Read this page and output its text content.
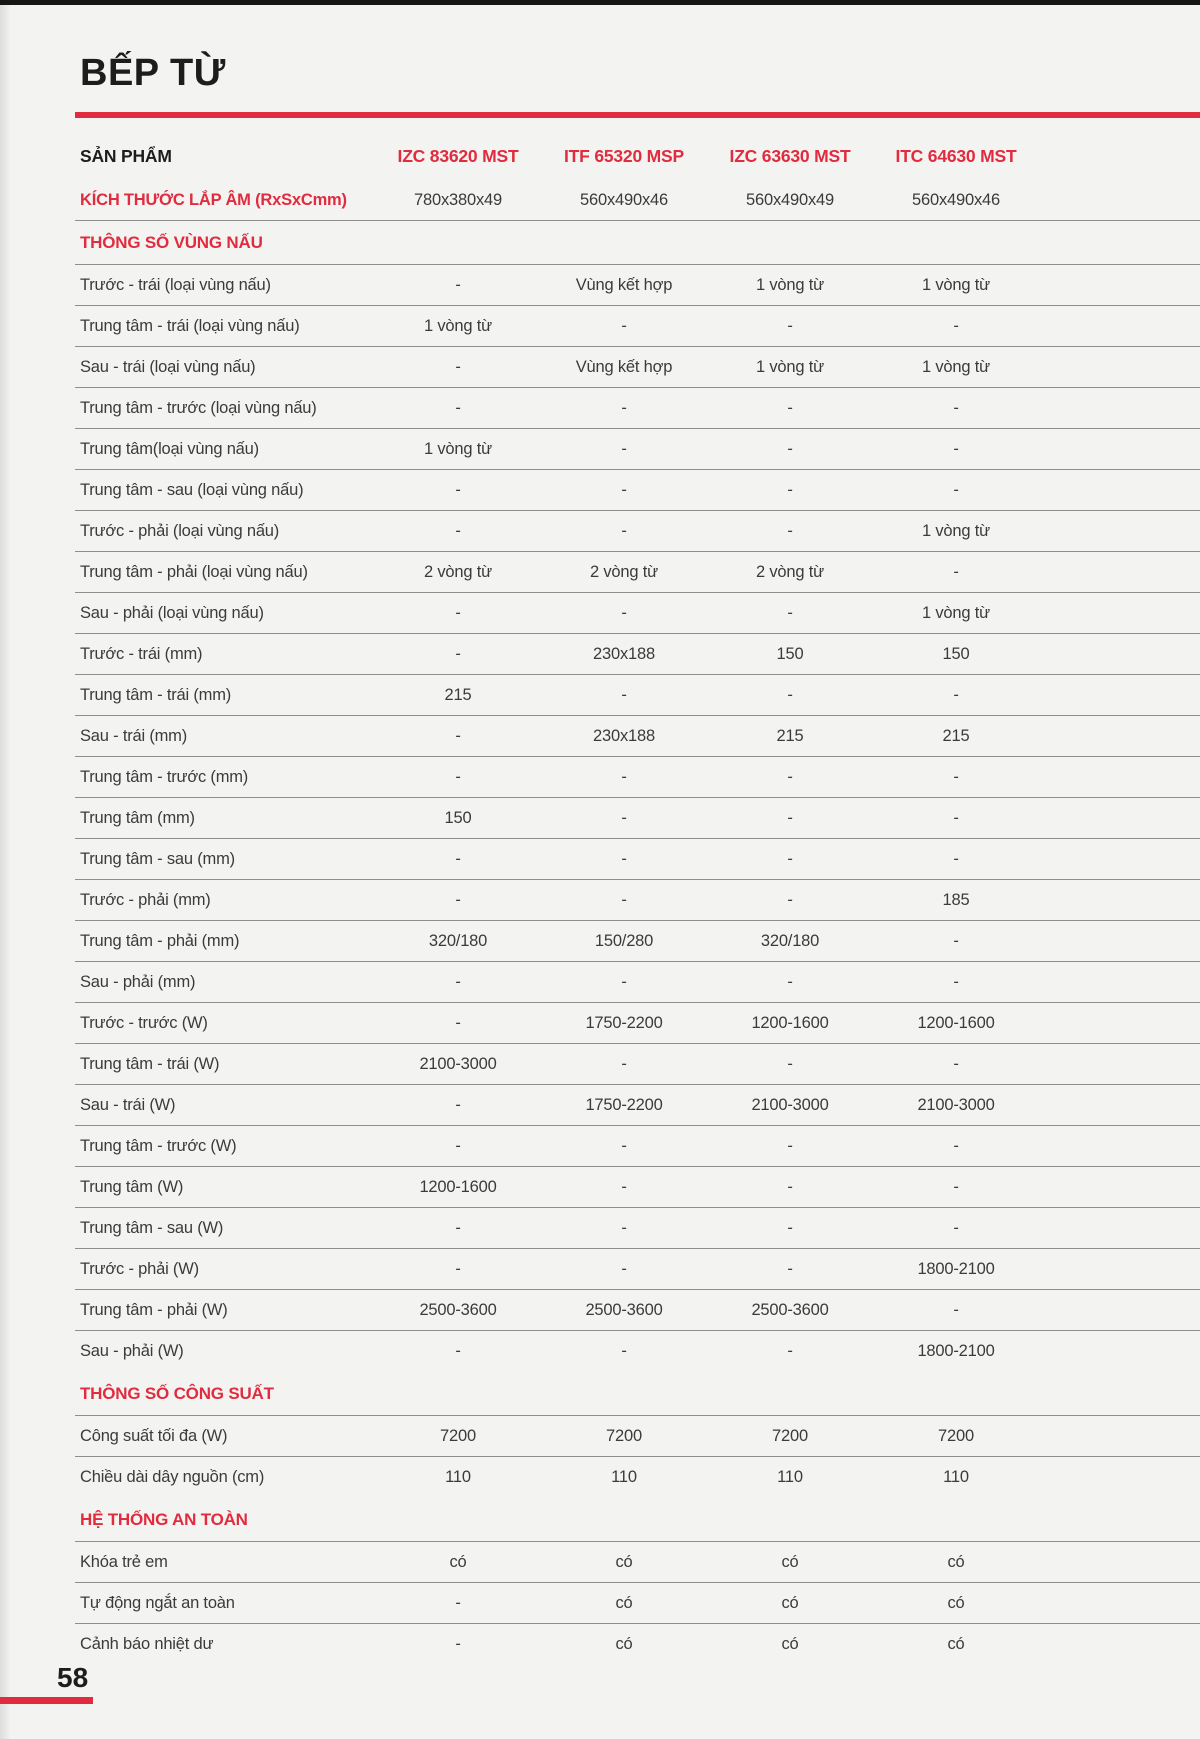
BẾP TỪ
SẢN PHẨM	IZC 83620 MST	ITF 65320 MSP	IZC 63630 MST	ITC 64630 MST
KÍCH THƯỚC LẮP ÂM (RxSxCmm)	780x380x49	560x490x46	560x490x49	560x490x46
THÔNG SỐ VÙNG NẤU
Trước - trái (loại vùng nấu)	-	Vùng kết hợp	1 vòng từ	1 vòng từ
Trung tâm - trái (loại vùng nấu)	1 vòng từ	-	-	-
Sau - trái (loại vùng nấu)	-	Vùng kết hợp	1 vòng từ	1 vòng từ
Trung tâm - trước (loại vùng nấu)	-	-	-	-
Trung tâm(loại vùng nấu)	1 vòng từ	-	-	-
Trung tâm - sau (loại vùng nấu)	-	-	-	-
Trước - phải (loại vùng nấu)	-	-	-	1 vòng từ
Trung tâm - phải (loại vùng nấu)	2 vòng từ	2 vòng từ	2 vòng từ	-
Sau - phải (loại vùng nấu)	-	-	-	1 vòng từ
Trước - trái (mm)	-	230x188	150	150
Trung tâm - trái (mm)	215	-	-	-
Sau - trái (mm)	-	230x188	215	215
Trung tâm - trước (mm)	-	-	-	-
Trung tâm (mm)	150	-	-	-
Trung tâm - sau (mm)	-	-	-	-
Trước - phải (mm)	-	-	-	185
Trung tâm - phải (mm)	320/180	150/280	320/180	-
Sau - phải (mm)	-	-	-	-
Trước - trước (W)	-	1750-2200	1200-1600	1200-1600
Trung tâm - trái (W)	2100-3000	-	-	-
Sau - trái (W)	-	1750-2200	2100-3000	2100-3000
Trung tâm - trước (W)	-	-	-	-
Trung tâm (W)	1200-1600	-	-	-
Trung tâm - sau (W)	-	-	-	-
Trước - phải (W)	-	-	-	1800-2100
Trung tâm - phải (W)	2500-3600	2500-3600	2500-3600	-
Sau - phải (W)	-	-	-	1800-2100
THÔNG SỐ CÔNG SUẤT
Công suất tối đa (W)	7200	7200	7200	7200
Chiều dài dây nguồn (cm)	110	110	110	110
HỆ THỐNG AN TOÀN
Khóa trẻ em	có	có	có	có
Tự động ngắt an toàn	-	có	có	có
Cảnh báo nhiệt dư	-	có	có	có
58
